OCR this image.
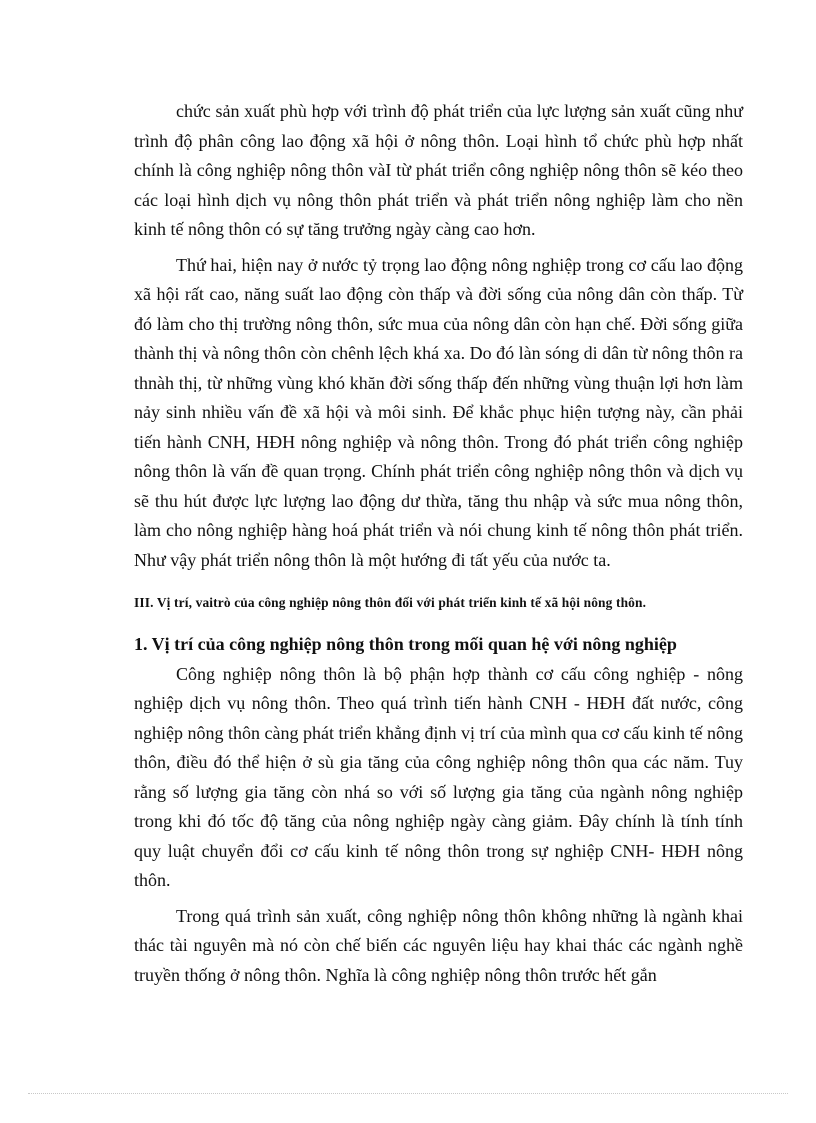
chức sản xuất phù hợp với trình độ phát triển của lực lượng sản xuất cũng như trình độ phân công lao động xã hội ở nông thôn. Loại hình tổ chức phù hợp nhất chính là công nghiệp nông thôn vàI từ phát triển công nghiệp nông thôn sẽ kéo theo các loại hình dịch vụ nông thôn phát triển và phát triển nông nghiệp làm cho nền kinh tế nông thôn có sự tăng trưởng ngày càng cao hơn.

Thứ hai, hiện nay ở nước tỷ trọng lao động nông nghiệp trong cơ cấu lao động xã hội rất cao, năng suất lao động còn thấp và đời sống của nông dân còn thấp. Từ đó làm cho thị trường nông thôn, sức mua của nông dân còn hạn chế. Đời sống giữa thành thị và nông thôn còn chênh lệch khá xa. Do đó làn sóng di dân từ nông thôn ra thnàh thị, từ những vùng khó khăn đời sống thấp đến những vùng thuận lợi hơn làm nảy sinh nhiều vấn đề xã hội và môi sinh. Để khắc phục hiện tượng này, cần phải tiến hành CNH, HĐH nông nghiệp và nông thôn. Trong đó phát triển công nghiệp nông thôn là vấn đề quan trọng. Chính phát triển công nghiệp nông thôn và dịch vụ sẽ thu hút được lực lượng lao động dư thừa, tăng thu nhập và sức mua nông thôn, làm cho nông nghiệp hàng hoá phát triển và nói chung kinh tế nông thôn phát triển. Như vậy phát triển nông thôn là một hướng đi tất yếu của nước ta.

III. Vị trí, vaitrò của công nghiệp nông thôn đối với phát triển kinh tế xã hội nông thôn.

1. Vị trí của công nghiệp nông thôn trong mối quan hệ với nông nghiệp

Công nghiệp nông thôn là bộ phận hợp thành cơ cấu công nghiệp - nông nghiệp dịch vụ nông thôn. Theo quá trình tiến hành CNH - HĐH đất nước, công nghiệp nông thôn càng phát triển khẳng định vị trí của mình qua cơ cấu kinh tế nông thôn, điều đó thể hiện ở sù gia tăng của công nghiệp nông thôn qua các năm. Tuy rằng số lượng gia tăng còn nhá so với số lượng gia tăng của ngành nông nghiệp trong khi đó tốc độ tăng của nông nghiệp ngày càng giảm. Đây chính là tính tính quy luật chuyển đổi cơ cấu kinh tế nông thôn trong sự nghiệp CNH- HĐH nông thôn.

Trong quá trình sản xuất, công nghiệp nông thôn không những là ngành khai thác tài nguyên mà nó còn chế biến các nguyên liệu hay khai thác các ngành nghề truyền thống ở nông thôn. Nghĩa là công nghiệp nông thôn trước hết gắn
